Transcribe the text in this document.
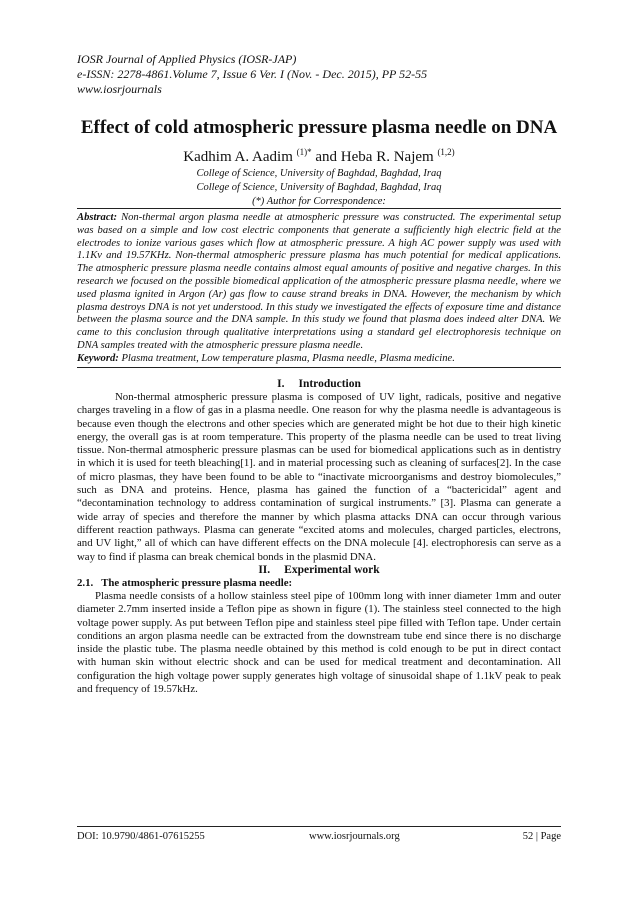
IOSR Journal of Applied Physics (IOSR-JAP)
e-ISSN: 2278-4861.Volume 7, Issue 6 Ver. I (Nov. - Dec. 2015), PP 52-55
www.iosrjournals
Effect of cold atmospheric pressure plasma needle on DNA
Kadhim A. Aadim $^{(1)*}$ and Heba R. Najem $^{(1,2)}$
College of Science, University of Baghdad, Baghdad, Iraq
College of Science, University of Baghdad, Baghdad, Iraq
(*) Author for Correspondence:
Abstract: Non-thermal argon plasma needle at atmospheric pressure was constructed. The experimental setup was based on a simple and low cost electric components that generate a sufficiently high electric field at the electrodes to ionize various gases which flow at atmospheric pressure. A high AC power supply was used with 1.1Kv and 19.57KHz. Non-thermal atmospheric pressure plasma has much potential for medical applications. The atmospheric pressure plasma needle contains almost equal amounts of positive and negative charges. In this research we focused on the possible biomedical application of the atmospheric pressure plasma needle, where we used plasma ignited in Argon (Ar) gas flow to cause strand breaks in DNA. However, the mechanism by which plasma destroys DNA is not yet understood. In this study we investigated the effects of exposure time and distance between the plasma source and the DNA sample. In this study we found that plasma does indeed alter DNA. We came to this conclusion through qualitative interpretations using a standard gel electrophoresis technique on DNA samples treated with the atmospheric pressure plasma needle.
Keyword: Plasma treatment, Low temperature plasma, Plasma needle, Plasma medicine.
I. Introduction
Non-thermal atmospheric pressure plasma is composed of UV light, radicals, positive and negative charges traveling in a flow of gas in a plasma needle. One reason for why the plasma needle is advantageous is because even though the electrons and other species which are generated might be hot due to their high kinetic energy, the overall gas is at room temperature. This property of the plasma needle can be used to treat living tissue. Non-thermal atmospheric pressure plasmas can be used for biomedical applications such as in dentistry in which it is used for teeth bleaching[1]. and in material processing such as cleaning of surfaces[2]. In the case of micro plasmas, they have been found to be able to “inactivate microorganisms and destroy biomolecules,” such as DNA and proteins. Hence, plasma has gained the function of a “bactericidal” agent and “decontamination technology to address contamination of surgical instruments.” [3]. Plasma can generate a wide array of species and therefore the manner by which plasma attacks DNA can occur through various different reaction pathways. Plasma can generate “excited atoms and molecules, charged particles, electrons, and UV light,” all of which can have different effects on the DNA molecule [4]. electrophoresis can serve as a way to find if plasma can break chemical bonds in the plasmid DNA.
II. Experimental work
2.1. The atmospheric pressure plasma needle:
Plasma needle consists of a hollow stainless steel pipe of 100mm long with inner diameter 1mm and outer diameter 2.7mm inserted inside a Teflon pipe as shown in figure (1). The stainless steel connected to the high voltage power supply. As put between Teflon pipe and stainless steel pipe filled with Teflon tape. Under certain conditions an argon plasma needle can be extracted from the downstream tube end since there is no discharge inside the plastic tube. The plasma needle obtained by this method is cold enough to be put in direct contact with human skin without electric shock and can be used for medical treatment and decontamination. All configuration the high voltage power supply generates high voltage of sinusoidal shape of 1.1kV peak to peak and frequency of 19.57kHz.
DOI: 10.9790/4861-07615255	www.iosrjournals.org	52 | Page
